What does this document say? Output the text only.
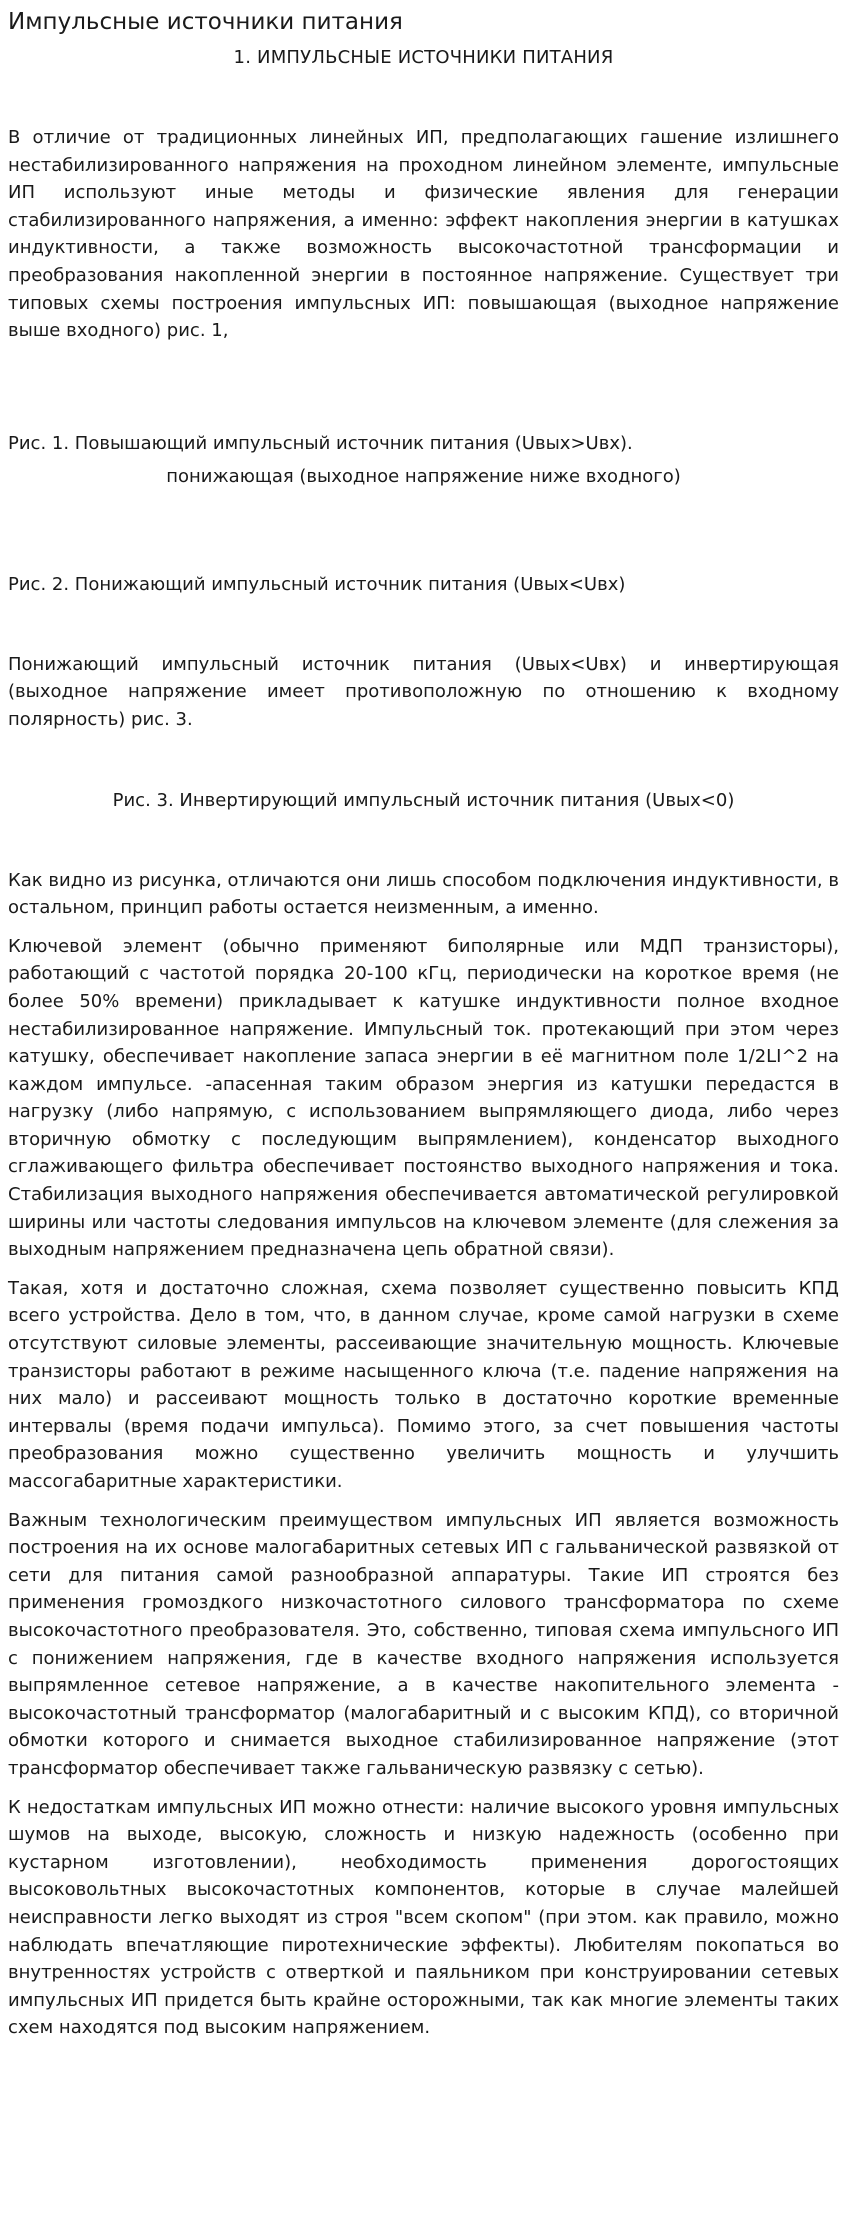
Импульсные источники питания
1. ИМПУЛЬСНЫЕ ИСТОЧНИКИ ПИТАНИЯ

В отличие от традиционных линейных ИП, предполагающих гашение излишнего нестабилизированного напряжения на проходном линейном элементе, импульсные ИП используют иные методы и физические явления для генерации стабилизированного напряжения, а именно: эффект накопления энергии в катушках индуктивности, а также возможность высокочастотной трансформации и преобразования накопленной энергии в постоянное напряжение. Существует три типовых схемы построения импульсных ИП: повышающая (выходное напряжение выше входного) рис. 1,

Рис. 1. Повышающий импульсный источник питания (Uвых>Uвх).
понижающая (выходное напряжение ниже входного)
Рис. 2. Понижающий импульсный источник питания (Uвых<Uвх)

Понижающий импульсный источник питания (Uвых<Uвх) и инвертирующая (выходное напряжение имеет противоположную по отношению к входному полярность) рис. 3.

Рис. 3. Инвертирующий импульсный источник питания (Uвых<0)

Как видно из рисунка, отличаются они лишь способом подключения индуктивности, в остальном, принцип работы остается неизменным, а именно.

Ключевой элемент (обычно применяют биполярные или МДП транзисторы), работающий с частотой порядка 20-100 кГц, периодически на короткое время (не более 50% времени) прикладывает к катушке индуктивности полное входное нестабилизированное напряжение. Импульсный ток. протекающий при этом через катушку, обеспечивает накопление запаса энергии в её магнитном поле 1/2LI^2 на каждом импульсе. -апасенная таким образом энергия из катушки передастся в нагрузку (либо напрямую, с использованием выпрямляющего диода, либо через вторичную обмотку с последующим выпрямлением), конденсатор выходного сглаживающего фильтра обеспечивает постоянство выходного напряжения и тока. Стабилизация выходного напряжения обеспечивается автоматической регулировкой ширины или частоты следования импульсов на ключевом элементе (для слежения за выходным напряжением предназначена цепь обратной связи).

Такая, хотя и достаточно сложная, схема позволяет существенно повысить КПД всего устройства. Дело в том, что, в данном случае, кроме самой нагрузки в схеме отсутствуют силовые элементы, рассеивающие значительную мощность. Ключевые транзисторы работают в режиме насыщенного ключа (т.е. падение напряжения на них мало) и рассеивают мощность только в достаточно короткие временные интервалы (время подачи импульса). Помимо этого, за счет повышения частоты преобразования можно существенно увеличить мощность и улучшить массогабаритные характеристики.

Важным технологическим преимуществом импульсных ИП является возможность построения на их основе малогабаритных сетевых ИП с гальванической развязкой от сети для питания самой разнообразной аппаратуры. Такие ИП строятся без применения громоздкого низкочастотного силового трансформатора по схеме высокочастотного преобразователя. Это, собственно, типовая схема импульсного ИП с понижением напряжения, где в качестве входного напряжения используется выпрямленное сетевое напряжение, а в качестве накопительного элемента - высокочастотный трансформатор (малогабаритный и с высоким КПД), со вторичной обмотки которого и снимается выходное стабилизированное напряжение (этот трансформатор обеспечивает также гальваническую развязку с сетью).

К недостаткам импульсных ИП можно отнести: наличие высокого уровня импульсных шумов на выходе, высокую, сложность и низкую надежность (особенно при кустарном изготовлении), необходимость применения дорогостоящих высоковольтных высокочастотных компонентов, которые в случае малейшей неисправности легко выходят из строя "всем скопом" (при этом. как правило, можно наблюдать впечатляющие пиротехнические эффекты). Любителям покопаться во внутренностях устройств с отверткой и паяльником при конструировании сетевых импульсных ИП придется быть крайне осторожными, так как многие элементы таких схем находятся под высоким напряжением.
